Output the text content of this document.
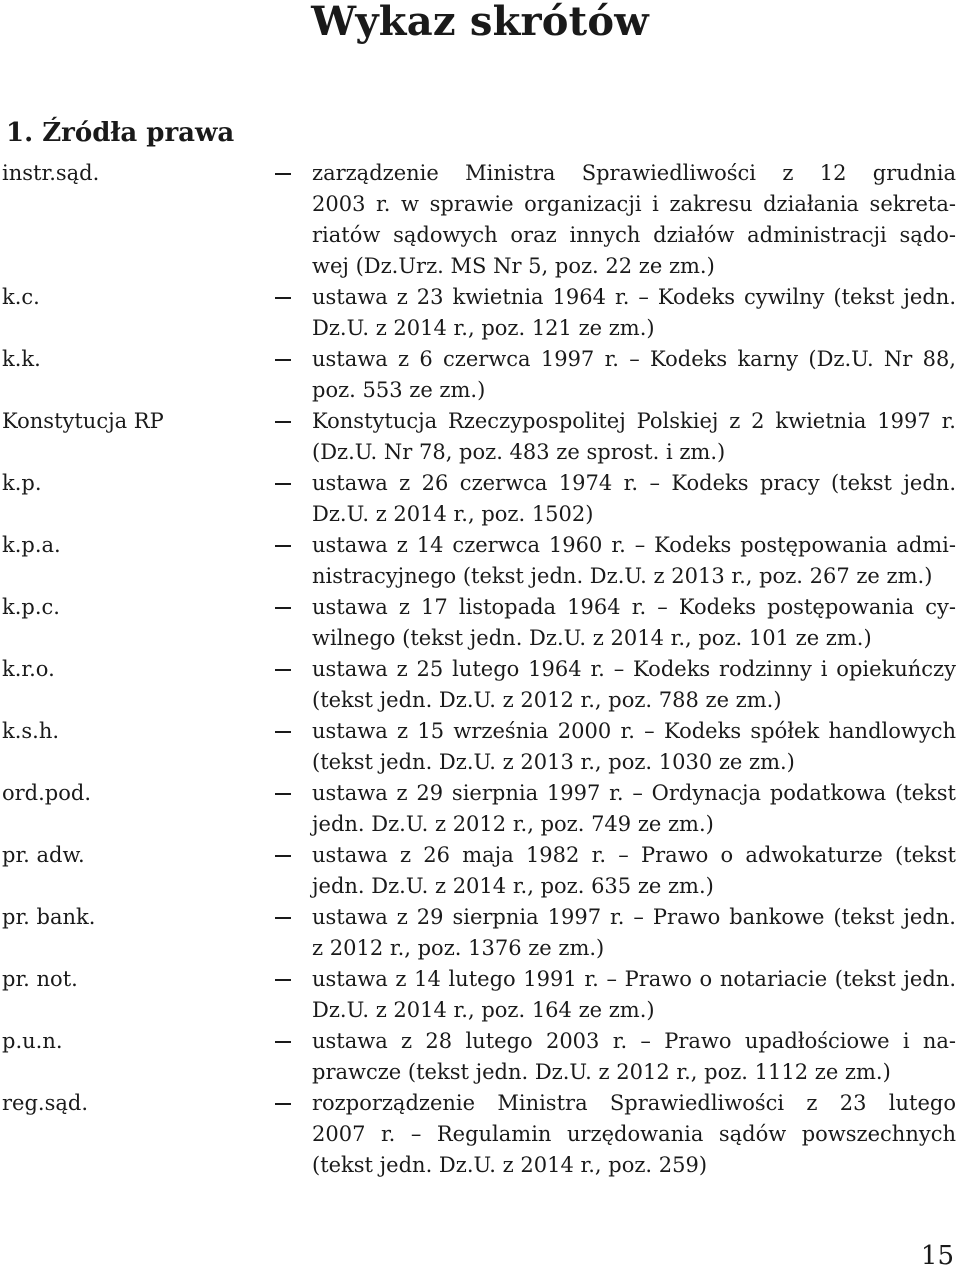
Wykaz skrótów
1. Źródła prawa
instr.sąd.	zarządzenie Ministra Sprawiedliwości z 12 grudnia
2003 r. w sprawie organizacji i zakresu działania sekreta-
riatów sądowych oraz innych działów administracji sądo-
wej (Dz.Urz. MS Nr 5, poz. 22 ze zm.)
k.c.	ustawa z 23 kwietnia 1964 r. – Kodeks cywilny (tekst jedn.
Dz.U. z 2014 r., poz. 121 ze zm.)
k.k.	ustawa z 6 czerwca 1997 r. – Kodeks karny (Dz.U. Nr 88,
poz. 553 ze zm.)
Konstytucja RP	Konstytucja Rzeczypospolitej Polskiej z 2 kwietnia 1997 r.
(Dz.U. Nr 78, poz. 483 ze sprost. i zm.)
k.p.	ustawa z 26 czerwca 1974 r. – Kodeks pracy (tekst jedn.
Dz.U. z 2014 r., poz. 1502)
k.p.a.	ustawa z 14 czerwca 1960 r. – Kodeks postępowania admi-
nistracyjnego (tekst jedn. Dz.U. z 2013 r., poz. 267 ze zm.)
k.p.c.	ustawa z 17 listopada 1964 r. – Kodeks postępowania cy-
wilnego (tekst jedn. Dz.U. z 2014 r., poz. 101 ze zm.)
k.r.o.	ustawa z 25 lutego 1964 r. – Kodeks rodzinny i opiekuńczy
(tekst jedn. Dz.U. z 2012 r., poz. 788 ze zm.)
k.s.h.	ustawa z 15 września 2000 r. – Kodeks spółek handlowych
(tekst jedn. Dz.U. z 2013 r., poz. 1030 ze zm.)
ord.pod.	ustawa z 29 sierpnia 1997 r. – Ordynacja podatkowa (tekst
jedn. Dz.U. z 2012 r., poz. 749 ze zm.)
pr. adw.	ustawa z 26 maja 1982 r. – Prawo o adwokaturze (tekst
jedn. Dz.U. z 2014 r., poz. 635 ze zm.)
pr. bank.	ustawa z 29 sierpnia 1997 r. – Prawo bankowe (tekst jedn.
z 2012 r., poz. 1376 ze zm.)
pr. not.	ustawa z 14 lutego 1991 r. – Prawo o notariacie (tekst jedn.
Dz.U. z 2014 r., poz. 164 ze zm.)
p.u.n.	ustawa z 28 lutego 2003 r. – Prawo upadłościowe i na-
prawcze (tekst jedn. Dz.U. z 2012 r., poz. 1112 ze zm.)
reg.sąd.	rozporządzenie Ministra Sprawiedliwości z 23 lutego
2007 r. – Regulamin urzędowania sądów powszechnych
(tekst jedn. Dz.U. z 2014 r., poz. 259)
15
